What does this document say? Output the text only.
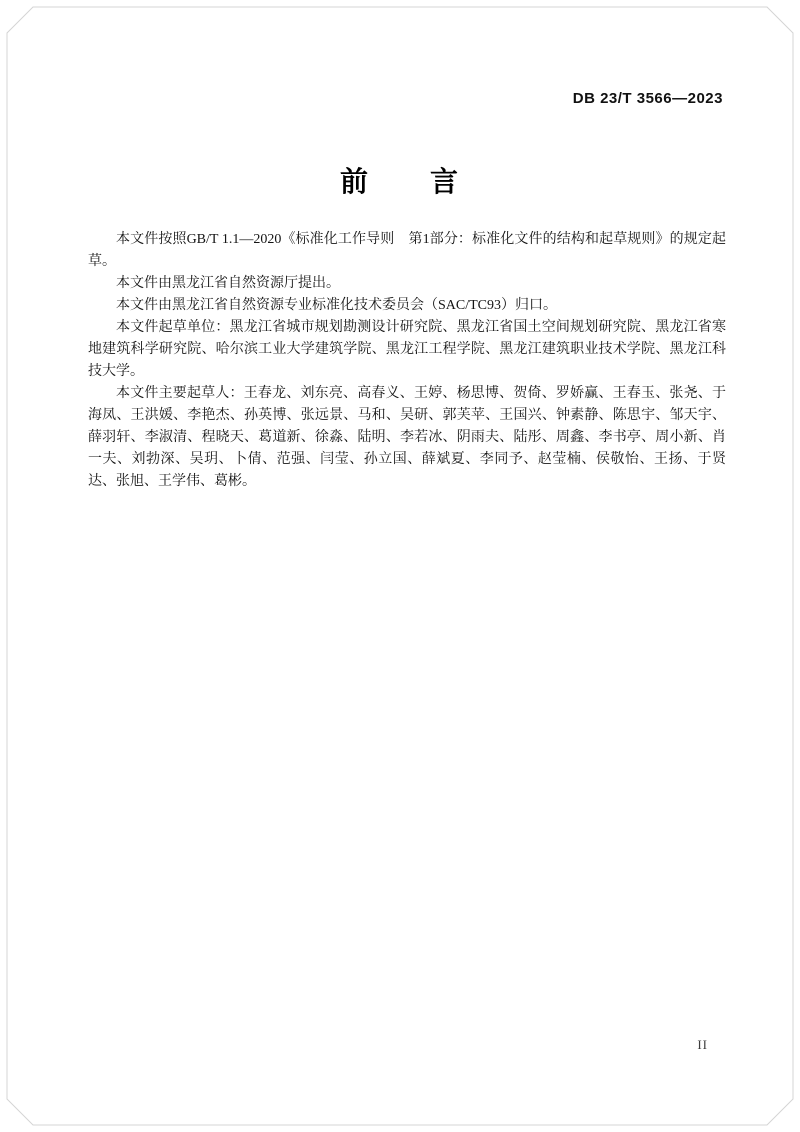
DB 23/T 3566—2023
前　　言

本文件按照GB/T 1.1—2020《标准化工作导则　第1部分：标准化文件的结构和起草规则》的规定起草。

本文件由黑龙江省自然资源厅提出。

本文件由黑龙江省自然资源专业标准化技术委员会（SAC/TC93）归口。

本文件起草单位：黑龙江省城市规划勘测设计研究院、黑龙江省国土空间规划研究院、黑龙江省寒地建筑科学研究院、哈尔滨工业大学建筑学院、黑龙江工程学院、黑龙江建筑职业技术学院、黑龙江科技大学。

本文件主要起草人：王春龙、刘东亮、高春义、王婷、杨思博、贺倚、罗娇赢、王春玉、张尧、于海凤、王洪媛、李艳杰、孙英博、张远景、马和、吴研、郭芙苹、王国兴、钟素静、陈思宇、邹天宇、薛羽轩、李淑清、程晓天、葛道新、徐淼、陆明、李若冰、阴雨夫、陆彤、周鑫、李书亭、周小新、肖一夫、刘勃深、吴玥、卜倩、范强、闫莹、孙立国、薛斌夏、李同予、赵莹楠、侯敬怡、王扬、于贤达、张旭、王学伟、葛彬。

II
